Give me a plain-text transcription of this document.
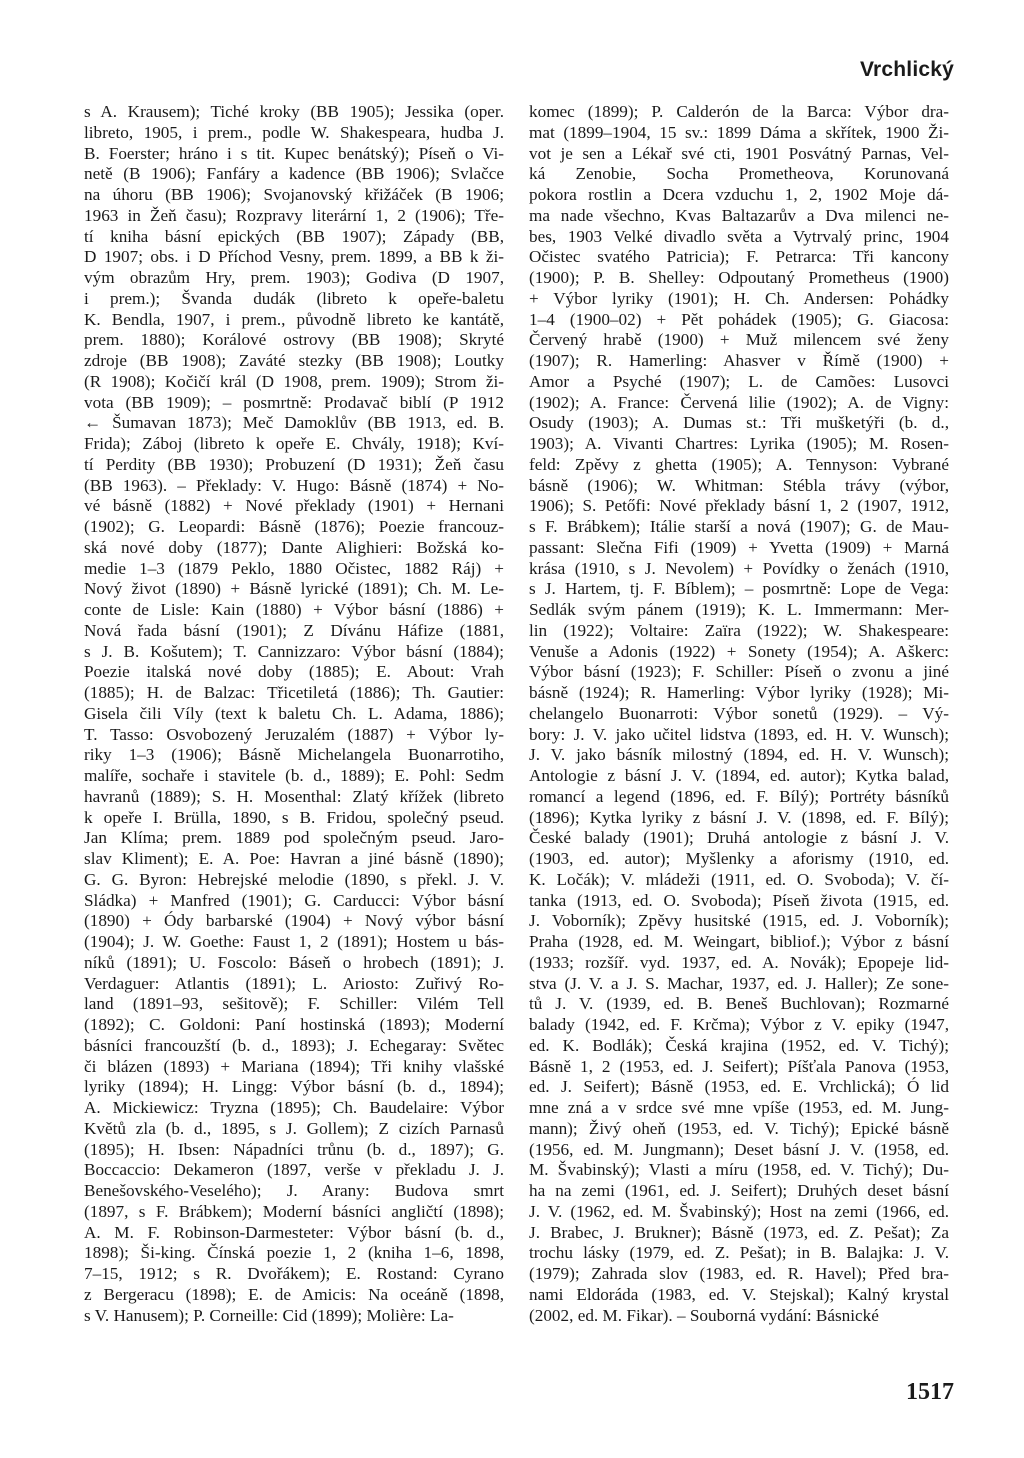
Vrchlický
s A. Krausem); Tiché kroky (BB 1905); Jessika (oper.
libreto, 1905, i prem., podle W. Shakespeara, hudba J.
B. Foerster; hráno i s tit. Kupec benátský); Píseň o Vi-
netě (B 1906); Fanfáry a kadence (BB 1906); Svlačce
na úhoru (BB 1906); Svojanovský křižáček (B 1906;
1963 in Žeň času); Rozpravy literární 1, 2 (1906); Tře-
tí kniha básní epických (BB 1907); Západy (BB,
D 1907; obs. i D Příchod Vesny, prem. 1899, a BB k ži-
vým obrazům Hry, prem. 1903); Godiva (D 1907,
i prem.); Švanda dudák (libreto k opeře-baletu
K. Bendla, 1907, i prem., původně libreto ke kantátě,
prem. 1880); Korálové ostrovy (BB 1908); Skryté
zdroje (BB 1908); Zaváté stezky (BB 1908); Loutky
(R 1908); Kočičí král (D 1908, prem. 1909); Strom ži-
vota (BB 1909); – posmrtně: Prodavač biblí (P 1912
← Šumavan 1873); Meč Damoklův (BB 1913, ed. B.
Frida); Záboj (libreto k opeře E. Chvály, 1918); Kví-
tí Perdity (BB 1930); Probuzení (D 1931); Žeň času
(BB 1963). – Překlady: V. Hugo: Básně (1874) + No-
vé básně (1882) + Nové překlady (1901) + Hernani
(1902); G. Leopardi: Básně (1876); Poezie francouz-
ská nové doby (1877); Dante Alighieri: Božská ko-
medie 1–3 (1879 Peklo, 1880 Očistec, 1882 Ráj) +
Nový život (1890) + Básně lyrické (1891); Ch. M. Le-
conte de Lisle: Kain (1880) + Výbor básní (1886) +
Nová řada básní (1901); Z Dívánu Háfize (1881,
s J. B. Košutem); T. Cannizzaro: Výbor básní (1884);
Poezie italská nové doby (1885); E. About: Vrah
(1885); H. de Balzac: Třicetiletá (1886); Th. Gautier:
Gisela čili Víly (text k baletu Ch. L. Adama, 1886);
T. Tasso: Osvobozený Jeruzalém (1887) + Výbor ly-
riky 1–3 (1906); Básně Michelangela Buonarrotiho,
malíře, sochaře i stavitele (b. d., 1889); E. Pohl: Sedm
havranů (1889); S. H. Mosenthal: Zlatý křížek (libreto
k opeře I. Brülla, 1890, s B. Fridou, společný pseud.
Jan Klíma; prem. 1889 pod společným pseud. Jaro-
slav Kliment); E. A. Poe: Havran a jiné básně (1890);
G. G. Byron: Hebrejské melodie (1890, s překl. J. V.
Sládka) + Manfred (1901); G. Carducci: Výbor básní
(1890) + Ódy barbarské (1904) + Nový výbor básní
(1904); J. W. Goethe: Faust 1, 2 (1891); Hostem u bás-
níků (1891); U. Foscolo: Báseň o hrobech (1891); J.
Verdaguer: Atlantis (1891); L. Ariosto: Zuřivý Ro-
land (1891–93, sešitově); F. Schiller: Vilém Tell
(1892); C. Goldoni: Paní hostinská (1893); Moderní
básníci francouzští (b. d., 1893); J. Echegaray: Světec
či blázen (1893) + Mariana (1894); Tři knihy vlašské
lyriky (1894); H. Lingg: Výbor básní (b. d., 1894);
A. Mickiewicz: Tryzna (1895); Ch. Baudelaire: Výbor
Květů zla (b. d., 1895, s J. Gollem); Z cizích Parnasů
(1895); H. Ibsen: Nápadníci trůnu (b. d., 1897); G.
Boccaccio: Dekameron (1897, verše v překladu J. J.
Benešovského-Veselého); J. Arany: Budova smrt
(1897, s F. Brábkem); Moderní básníci angličtí (1898);
A. M. F. Robinson-Darmesteter: Výbor básní (b. d.,
1898); Ši-king. Čínská poezie 1, 2 (kniha 1–6, 1898,
7–15, 1912; s R. Dvořákem); E. Rostand: Cyrano
z Bergeracu (1898); E. de Amicis: Na oceáně (1898,
s V. Hanusem); P. Corneille: Cid (1899); Molière: La-
komec (1899); P. Calderón de la Barca: Výbor dra-
mat (1899–1904, 15 sv.: 1899 Dáma a skřítek, 1900 Ži-
vot je sen a Lékař své cti, 1901 Posvátný Parnas, Vel-
ká Zenobie, Socha Prometheova, Korunovaná
pokora rostlin a Dcera vzduchu 1, 2, 1902 Moje dá-
ma nade všechno, Kvas Baltazarův a Dva milenci ne-
bes, 1903 Velké divadlo světa a Vytrvalý princ, 1904
Očistec svatého Patricia); F. Petrarca: Tři kancony
(1900); P. B. Shelley: Odpoutaný Prometheus (1900)
+ Výbor lyriky (1901); H. Ch. Andersen: Pohádky
1–4 (1900–02) + Pět pohádek (1905); G. Giacosa:
Červený hrabě (1900) + Muž milencem své ženy
(1907); R. Hamerling: Ahasver v Římě (1900) +
Amor a Psyché (1907); L. de Camões: Lusovci
(1902); A. France: Červená lilie (1902); A. de Vigny:
Osudy (1903); A. Dumas st.: Tři mušketýři (b. d.,
1903); A. Vivanti Chartres: Lyrika (1905); M. Rosen-
feld: Zpěvy z ghetta (1905); A. Tennyson: Vybrané
básně (1906); W. Whitman: Stébla trávy (výbor,
1906); S. Petőfi: Nové překlady básní 1, 2 (1907, 1912,
s F. Brábkem); Itálie starší a nová (1907); G. de Mau-
passant: Slečna Fifi (1909) + Yvetta (1909) + Marná
krása (1910, s J. Nevolem) + Povídky o ženách (1910,
s J. Hartem, tj. F. Bíblem); – posmrtně: Lope de Vega:
Sedlák svým pánem (1919); K. L. Immermann: Mer-
lin (1922); Voltaire: Zaïra (1922); W. Shakespeare:
Venuše a Adonis (1922) + Sonety (1954); A. Aškerc:
Výbor básní (1923); F. Schiller: Píseň o zvonu a jiné
básně (1924); R. Hamerling: Výbor lyriky (1928); Mi-
chelangelo Buonarroti: Výbor sonetů (1929). – Vý-
bory: J. V. jako učitel lidstva (1893, ed. H. V. Wunsch);
J. V. jako básník milostný (1894, ed. H. V. Wunsch);
Antologie z básní J. V. (1894, ed. autor); Kytka balad,
romancí a legend (1896, ed. F. Bílý); Portréty básníků
(1896); Kytka lyriky z básní J. V. (1898, ed. F. Bílý);
České balady (1901); Druhá antologie z básní J. V.
(1903, ed. autor); Myšlenky a aforismy (1910, ed.
K. Ločák); V. mládeži (1911, ed. O. Svoboda); V. čí-
tanka (1913, ed. O. Svoboda); Píseň života (1915, ed.
J. Voborník); Zpěvy husitské (1915, ed. J. Voborník);
Praha (1928, ed. M. Weingart, bibliof.); Výbor z básní
(1933; rozšíř. vyd. 1937, ed. A. Novák); Epopeje lid-
stva (J. V. a J. S. Machar, 1937, ed. J. Haller); Ze sone-
tů J. V. (1939, ed. B. Beneš Buchlovan); Rozmarné
balady (1942, ed. F. Krčma); Výbor z V. epiky (1947,
ed. K. Bodlák); Česká krajina (1952, ed. V. Tichý);
Básně 1, 2 (1953, ed. J. Seifert); Píšťala Panova (1953,
ed. J. Seifert); Básně (1953, ed. E. Vrchlická); Ó lid
mne zná a v srdce své mne vpíše (1953, ed. M. Jung-
mann); Živý oheň (1953, ed. V. Tichý); Epické básně
(1956, ed. M. Jungmann); Deset básní J. V. (1958, ed.
M. Švabinský); Vlasti a míru (1958, ed. V. Tichý); Du-
ha na zemi (1961, ed. J. Seifert); Druhých deset básní
J. V. (1962, ed. M. Švabinský); Host na zemi (1966, ed.
J. Brabec, J. Brukner); Básně (1973, ed. Z. Pešat); Za
trochu lásky (1979, ed. Z. Pešat); in B. Balajka: J. V.
(1979); Zahrada slov (1983, ed. R. Havel); Před bra-
nami Eldoráda (1983, ed. V. Stejskal); Kalný krystal
(2002, ed. M. Fikar). – Souborná vydání: Básnické
1517
